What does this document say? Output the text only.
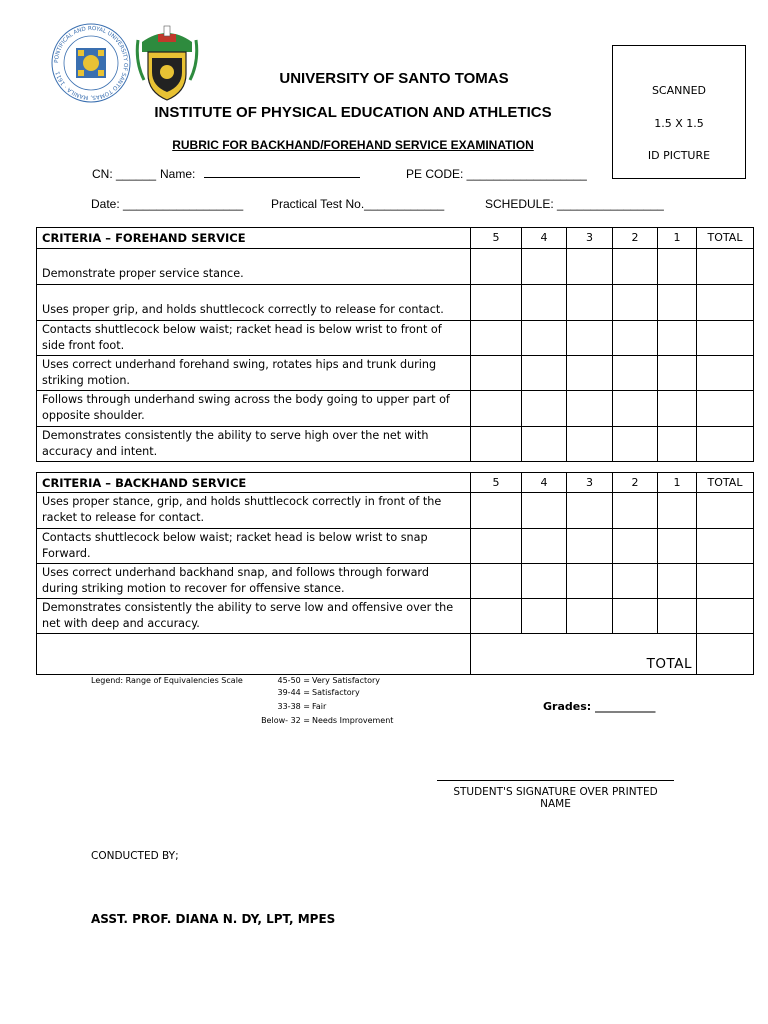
PONTIFICAL AND ROYAL UNIVERSITY OF SANTO TOMAS, MANILA · 1611	UNIVERSITY OF SANTO TOMAS
INSTITUTE OF PHYSICAL EDUCATION AND ATHLETICS
RUBRIC FOR BACKHAND/FOREHAND SERVICE EXAMINATION
SCANNED
1.5 X 1.5
ID PICTURE
CN: ______ Name:	PE CODE: __________________
Date: __________________ Practical Test No.____________	SCHEDULE: ________________
CRITERIA – FOREHAND SERVICE	5	4	3	2	1	TOTAL
Demonstrate proper service stance.						
Uses proper grip, and holds shuttlecock correctly to release for contact.						
Contacts shuttlecock below waist; racket head is below wrist to front of side front foot.						
Uses correct underhand forehand swing, rotates hips and trunk during striking motion.						
Follows through underhand swing across the body going to upper part of opposite shoulder.						
Demonstrates consistently the ability to serve high over the net with accuracy and intent.						
CRITERIA – BACKHAND SERVICE	5	4	3	2	1	TOTAL
Uses proper stance, grip, and holds shuttlecock correctly in front of the racket to release for contact.						
Contacts shuttlecock below waist; racket head is below wrist to snap Forward.						
Uses correct underhand backhand snap, and follows through forward during striking motion to recover for offensive stance.						
Demonstrates consistently the ability to serve low and offensive over the net with deep and accuracy.						
	TOTAL					
Legend: Range of Equivalencies Scale	45-50 = Very Satisfactory
39-44 = Satisfactory
33-38 = Fair
Below- 32 = Needs Improvement
Grades: ___________
STUDENT'S SIGNATURE OVER PRINTED NAME
CONDUCTED BY;
ASST. PROF. DIANA N. DY, LPT, MPES
